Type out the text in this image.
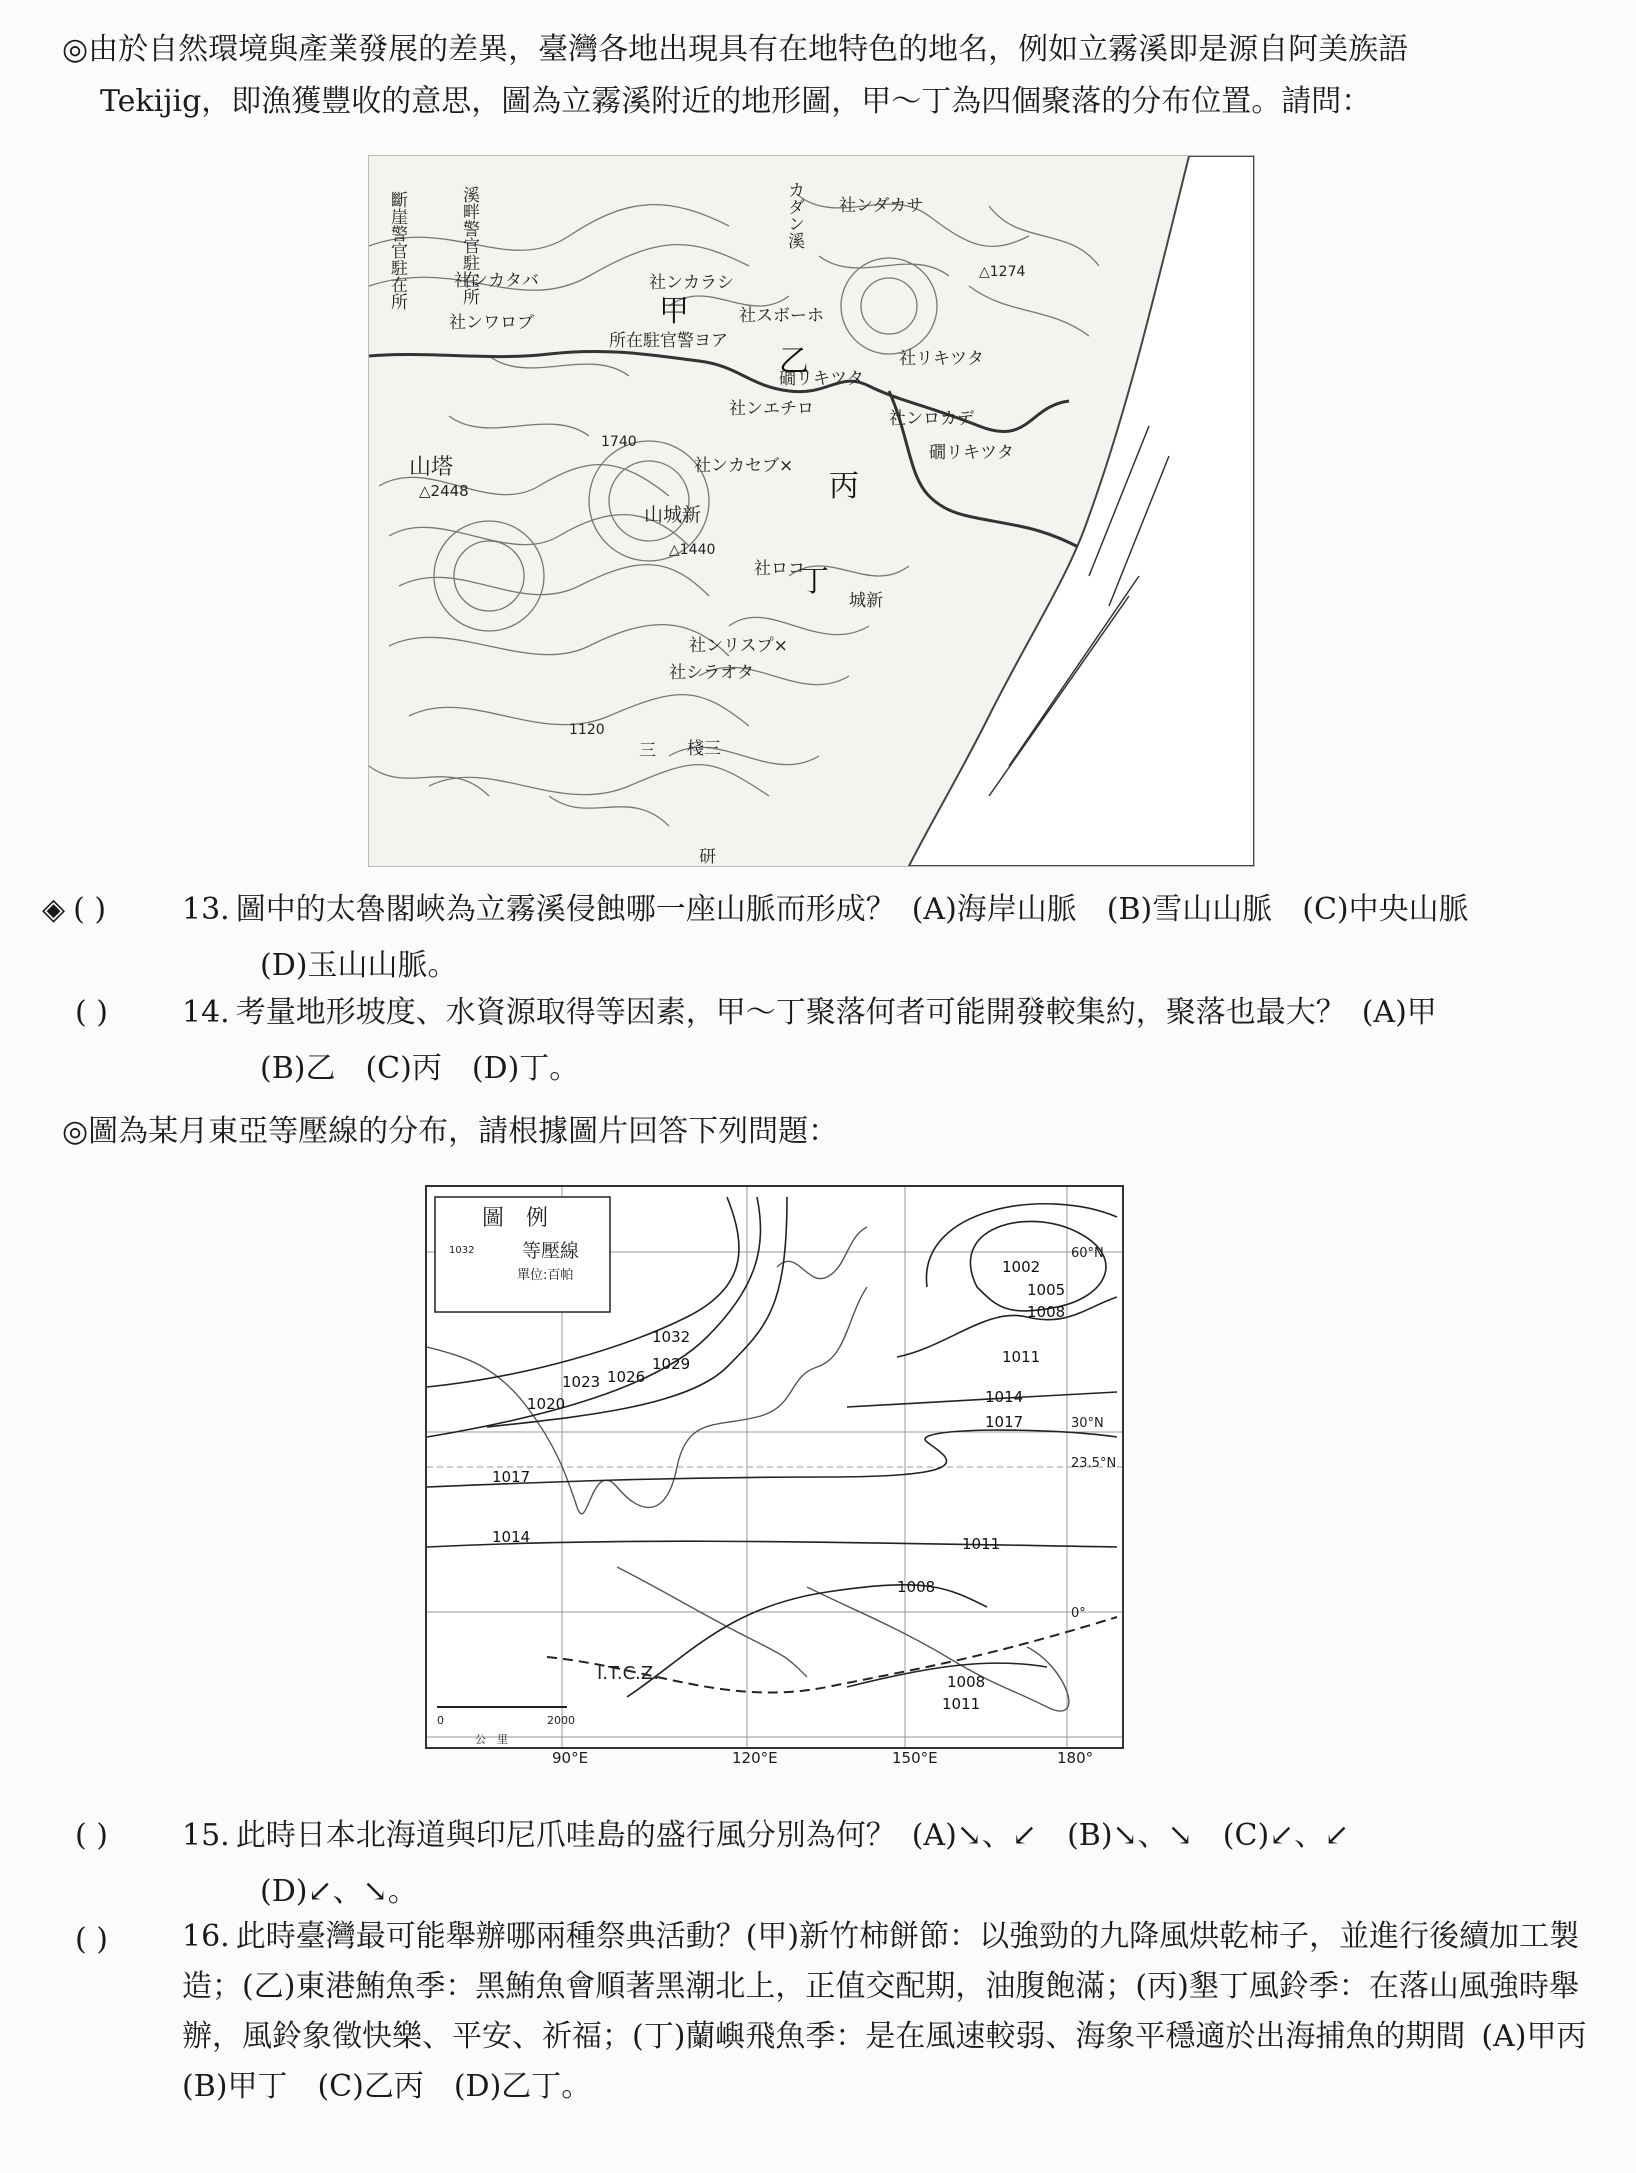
◎由於自然環境與產業發展的差異，臺灣各地出現具有在地特色的地名，例如立霧溪即是源自阿美族語
Tekijig，即漁獲豐收的意思，圖為立霧溪附近的地形圖，甲～丁為四個聚落的分布位置。請問：
斷崖警官駐在所	溪畔警官駐在所
社ンカタバ	社ンカラシ
社ンワロブ
所在駐官警ヨア
社スボーホ
社ンダカサ
カダン溪
礀リキツタ
社リキツタ
社ンエチロ	社ンロカデ
礀リキツタ
山塔
△2448
1740
△1274
社ンカセブ×
山城新
△1440
社ロコ
城新
社ンリスプ×
社シラオタ
1120
棧三
三
研
甲
乙
丙
丁
◈ ( )	13. 圖中的太魯閣峽為立霧溪侵蝕哪一座山脈而形成？ (A)海岸山脈　(B)雪山山脈　(C)中央山脈
(D)玉山山脈。
( ) 14. 考量地形坡度、水資源取得等因素，甲～丁聚落何者可能開發較集約，聚落也最大？ (A)甲
(B)乙　(C)丙　(D)丁。
◎圖為某月東亞等壓線的分布，請根據圖片回答下列問題：
圖　例
等壓線
單位:百帕
1032
0	2000
公　里
I.T.C.Z.
60°N
30°N
23.5°N
0°
1002
1005
1008
1011
1014
1017
1032
1029
1026
1023
1020
1017
1014	1011
1008
1008
1011
90°E	120°E	150°E	180°
( ) 15. 此時日本北海道與印尼爪哇島的盛行風分別為何？ (A)↘、↙　(B)↘、↘　(C)↙、↙
(D)↙、↘。
( ) 16. 此時臺灣最可能舉辦哪兩種祭典活動？(甲)新竹柿餅節：以強勁的九降風烘乾柿子，並進行後續加工製造；(乙)東港鮪魚季：黑鮪魚會順著黑潮北上，正值交配期，油腹飽滿；(丙)墾丁風鈴季：在落山風強時舉辦，風鈴象徵快樂、平安、祈福；(丁)蘭嶼飛魚季：是在風速較弱、海象平穩適於出海捕魚的期間 (A)甲丙　(B)甲丁　(C)乙丙　(D)乙丁。
